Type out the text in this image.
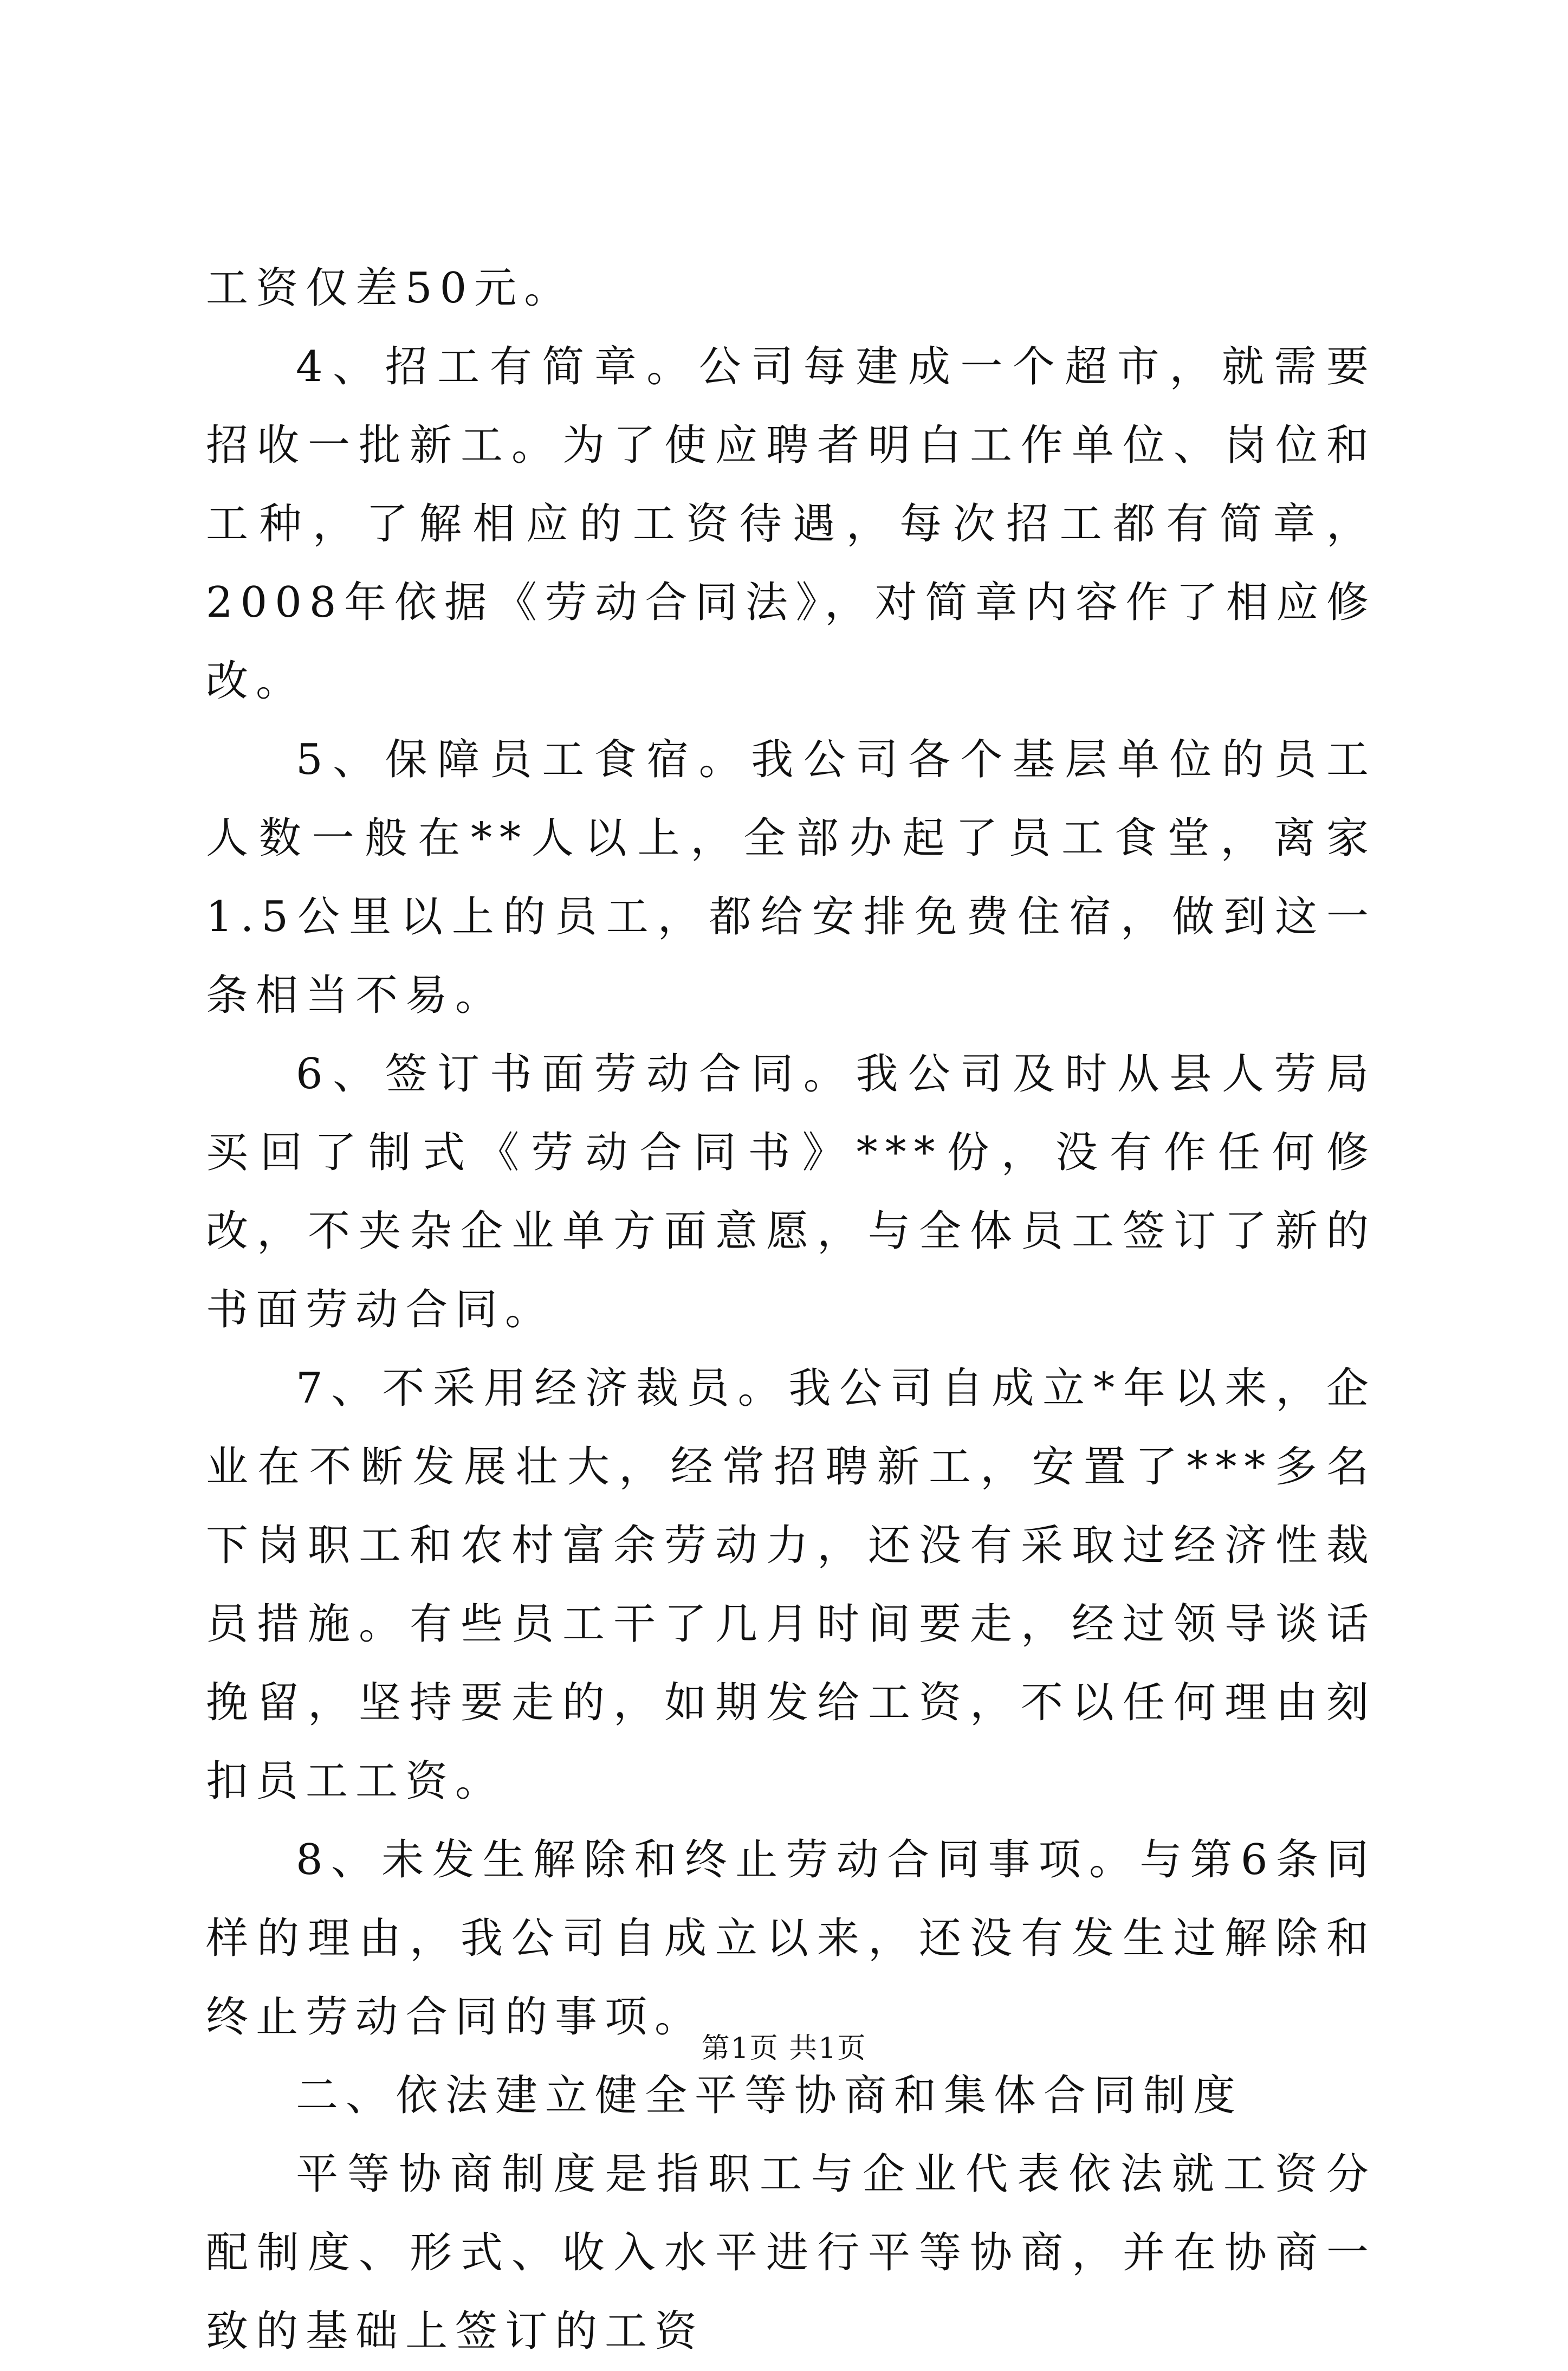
工资仅差50元。

4、招工有简章。公司每建成一个超市，就需要招收一批新工。为了使应聘者明白工作单位、岗位和工种，了解相应的工资待遇，每次招工都有简章，2008年依据《劳动合同法》，对简章内容作了相应修改。

5、保障员工食宿。我公司各个基层单位的员工人数一般在**人以上，全部办起了员工食堂，离家1.5公里以上的员工，都给安排免费住宿，做到这一条相当不易。

6、签订书面劳动合同。我公司及时从县人劳局买回了制式《劳动合同书》***份，没有作任何修改，不夹杂企业单方面意愿，与全体员工签订了新的书面劳动合同。

7、不采用经济裁员。我公司自成立*年以来，企业在不断发展壮大，经常招聘新工，安置了***多名下岗职工和农村富余劳动力，还没有采取过经济性裁员措施。有些员工干了几月时间要走，经过领导谈话挽留，坚持要走的，如期发给工资，不以任何理由刻扣员工工资。

8、未发生解除和终止劳动合同事项。与第6条同样的理由，我公司自成立以来，还没有发生过解除和终止劳动合同的事项。

二、依法建立健全平等协商和集体合同制度

平等协商制度是指职工与企业代表依法就工资分配制度、形式、收入水平进行平等协商，并在协商一致的基础上签订的工资

第1页 共1页
